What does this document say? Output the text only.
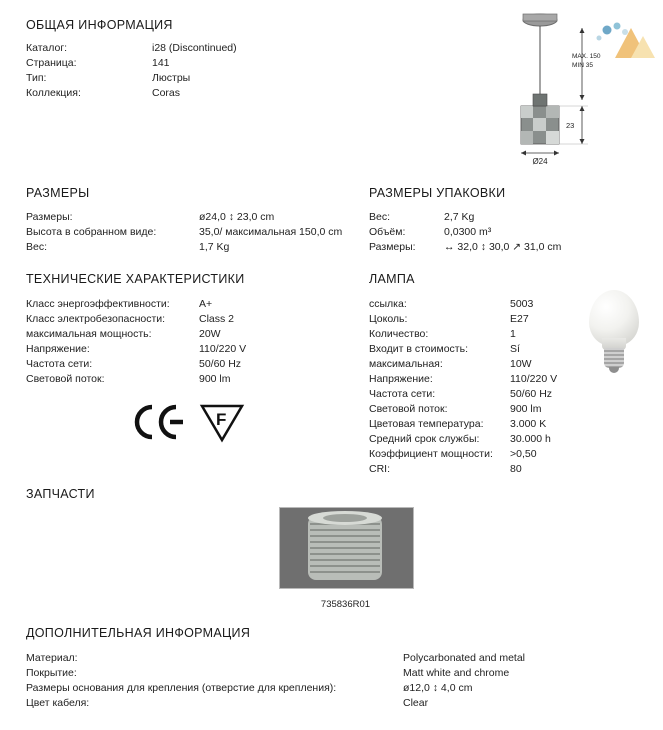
ОБЩАЯ ИНФОРМАЦИЯ
Каталог:	i28 (Discontinued)
Страница:	141
Тип:	Люстры
Коллекция:	Coras
Ø24
MAX. 150
MIN 35
23
РАЗМЕРЫ
Размеры:	ø24,0 ↕ 23,0 cm
Высота в собранном виде:	35,0/ максимальная 150,0 cm
Вес:	1,7 Kg
РАЗМЕРЫ УПАКОВКИ
Вес:	2,7 Kg
Объём:	0,0300 m³
Размеры:	↔ 32,0 ↕ 30,0 ↗ 31,0 cm
ТЕХНИЧЕСКИЕ ХАРАКТЕРИСТИКИ
Класс энергоэффективности:	A+
Класс электробезопасности:	Class 2
максимальная мощность:	20W
Напряжение:	110/220 V
Частота сети:	50/60 Hz
Световой поток:	900 lm
ЛАМПА
ссылка:	5003
Цоколь:	E27
Количество:	1
Входит в стоимость:	Sí
максимальная:	10W
Напряжение:	110/220 V
Частота сети:	50/60 Hz
Световой поток:	900 lm
Цветовая температура:	3.000 K
Средний срок службы:	30.000 h
Коэффициент мощности:	>0,50
CRI:	80
F
ЗАПЧАСТИ
735836R01
ДОПОЛНИТЕЛЬНАЯ ИНФОРМАЦИЯ
Материал:	Polycarbonated and metal
Покрытие:	Matt white and chrome
Размеры основания для крепления (отверстие для крепления):	ø12,0 ↕ 4,0 cm
Цвет кабеля:	Clear
